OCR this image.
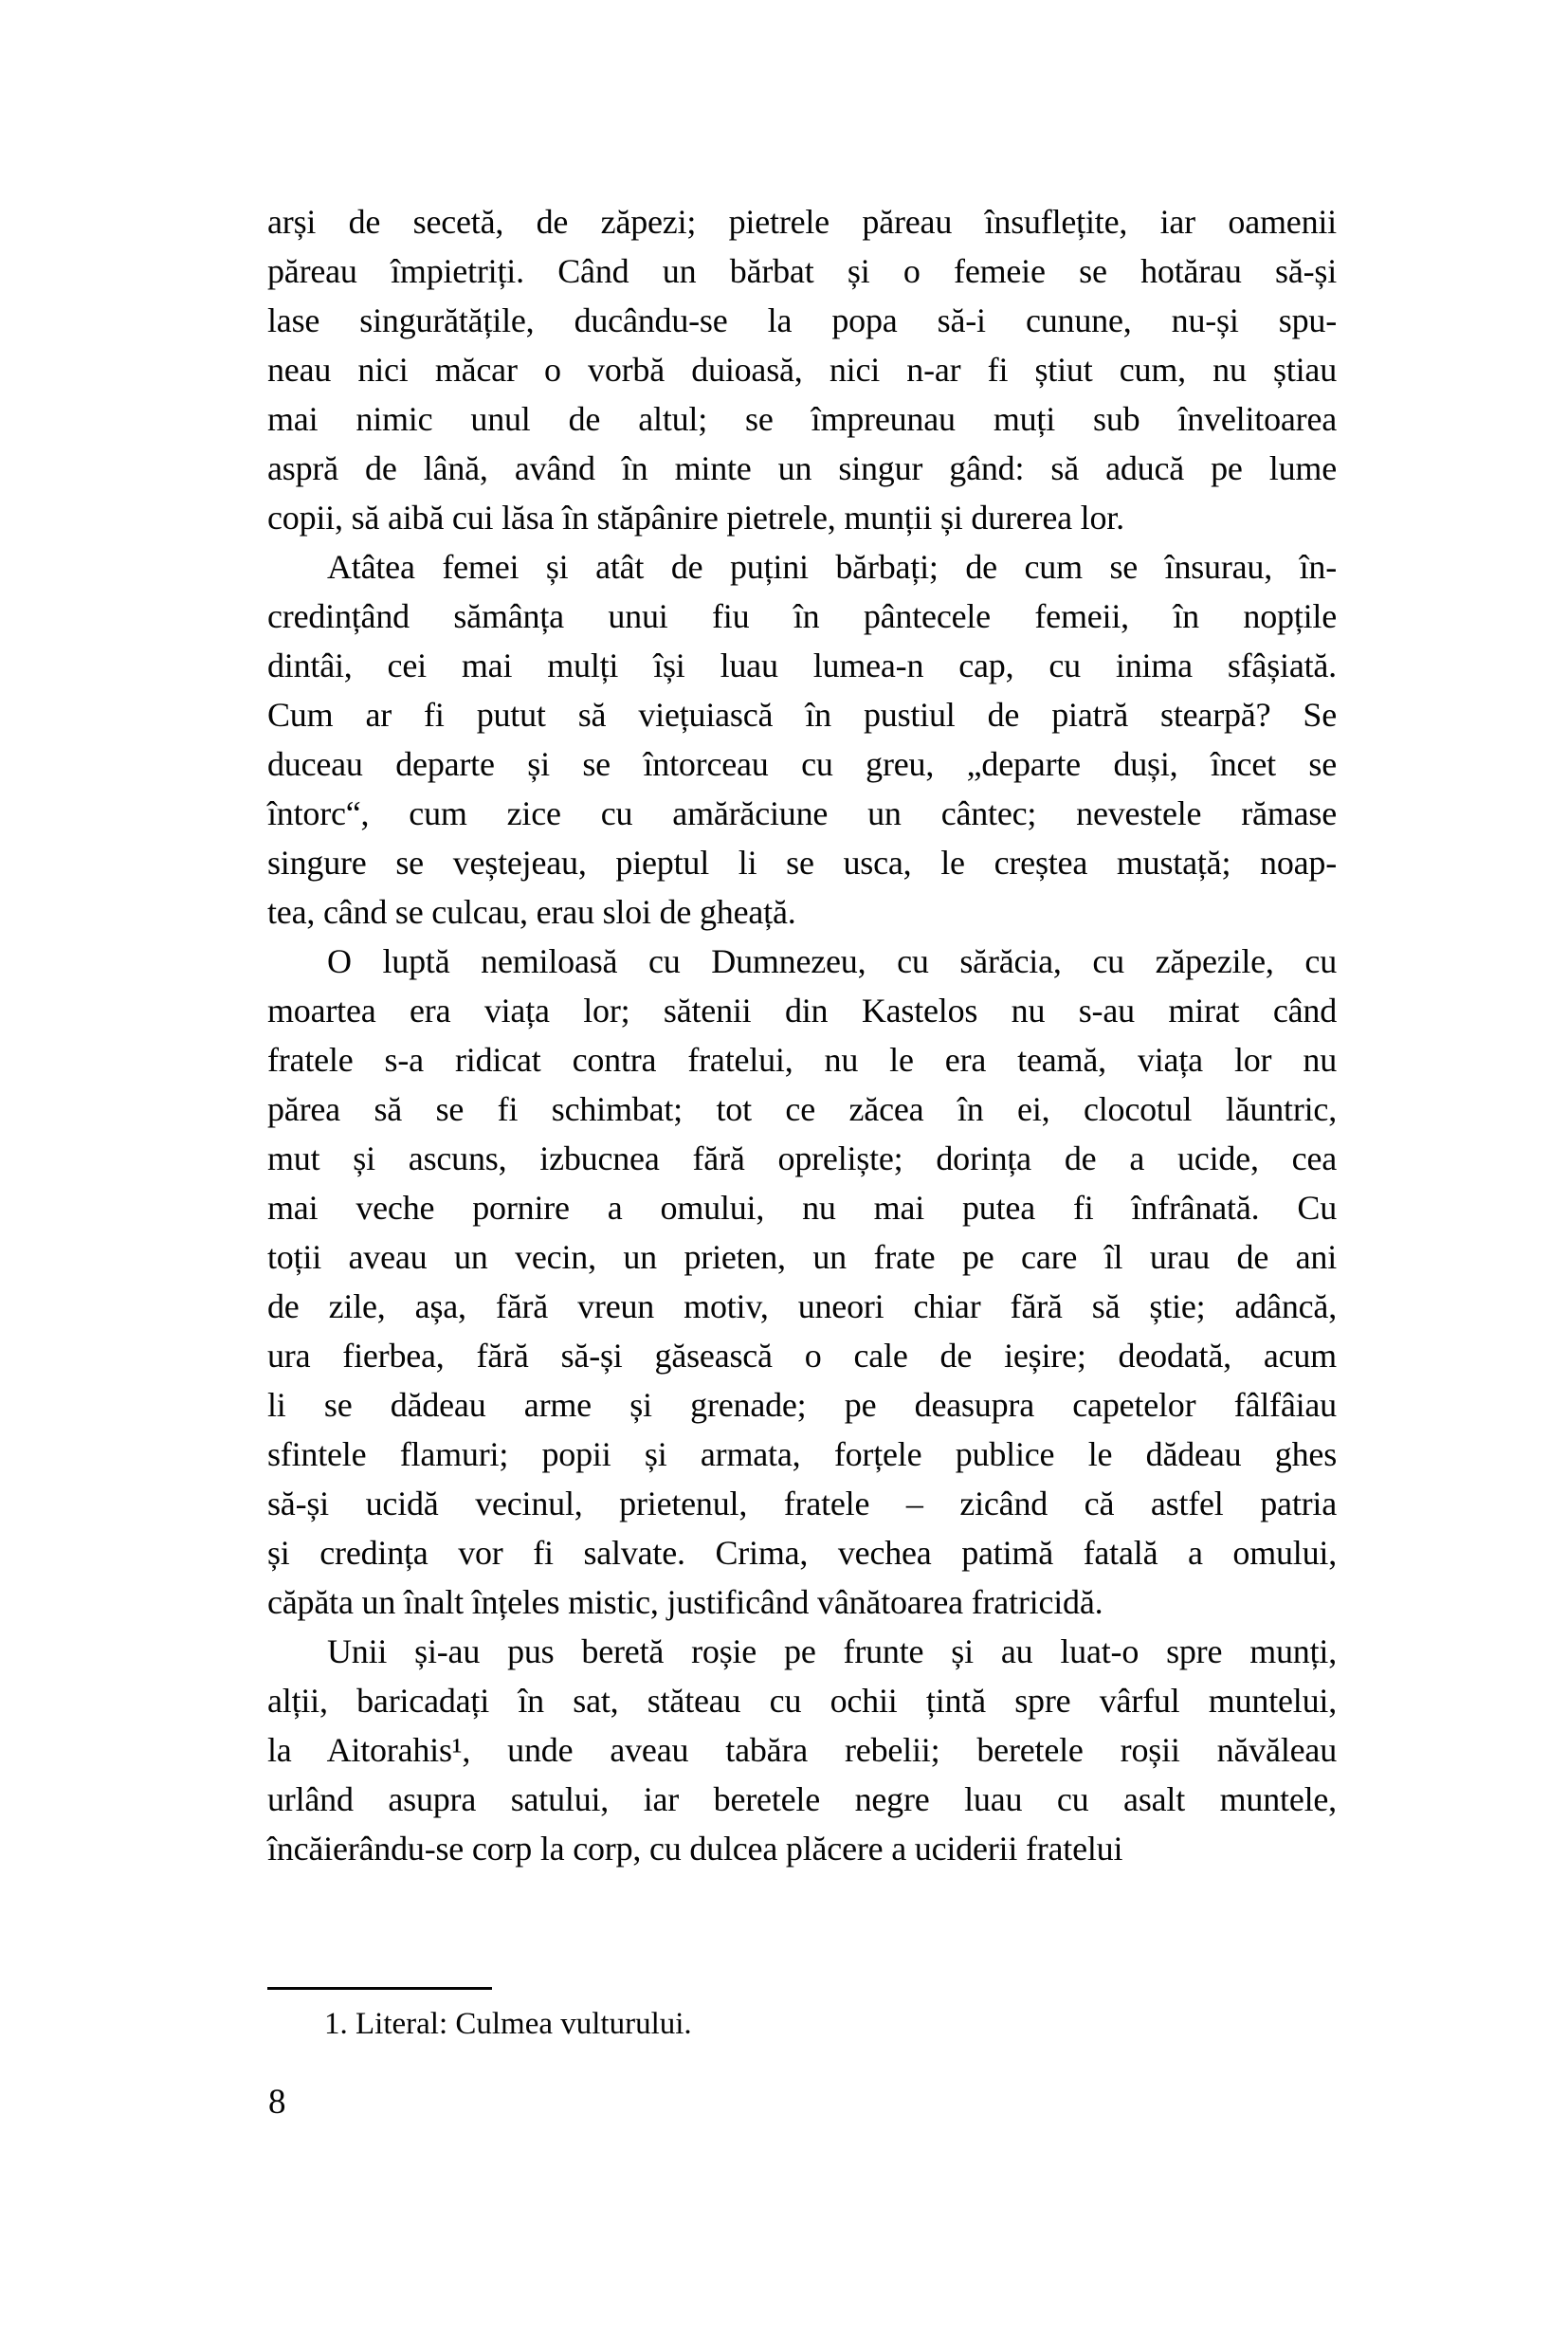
arși de secetă, de zăpezi; pietrele păreau însuflețite, iar oamenii
păreau împietriți. Când un bărbat și o femeie se hotărau să-și
lase singurătățile, ducându-se la popa să-i cunune, nu-și spu-
neau nici măcar o vorbă duioasă, nici n-ar fi știut cum, nu știau
mai nimic unul de altul; se împreunau muți sub învelitoarea
aspră de lână, având în minte un singur gând: să aducă pe lume
copii, să aibă cui lăsa în stăpânire pietrele, munții și durerea lor.
Atâtea femei și atât de puțini bărbați; de cum se însurau, în-
credințând sămânța unui fiu în pântecele femeii, în nopțile
dintâi, cei mai mulți își luau lumea-n cap, cu inima sfâșiată.
Cum ar fi putut să viețuiască în pustiul de piatră stearpă? Se
duceau departe și se întorceau cu greu, „departe duși, încet se
întorc“, cum zice cu amărăciune un cântec; nevestele rămase
singure se veștejeau, pieptul li se usca, le creștea mustață; noap-
tea, când se culcau, erau sloi de gheață.
O luptă nemiloasă cu Dumnezeu, cu sărăcia, cu zăpezile, cu
moartea era viața lor; sătenii din Kastelos nu s-au mirat când
fratele s-a ridicat contra fratelui, nu le era teamă, viața lor nu
părea să se fi schimbat; tot ce zăcea în ei, clocotul lăuntric,
mut și ascuns, izbucnea fără opreliște; dorința de a ucide, cea
mai veche pornire a omului, nu mai putea fi înfrânată. Cu
toții aveau un vecin, un prieten, un frate pe care îl urau de ani
de zile, așa, fără vreun motiv, uneori chiar fără să știe; adâncă,
ura fierbea, fără să-și găsească o cale de ieșire; deodată, acum
li se dădeau arme și grenade; pe deasupra capetelor fâlfâiau
sfintele flamuri; popii și armata, forțele publice le dădeau ghes
să-și ucidă vecinul, prietenul, fratele – zicând că astfel patria
și credința vor fi salvate. Crima, vechea patimă fatală a omului,
căpăta un înalt înțeles mistic, justificând vânătoarea fratricidă.
Unii și-au pus beretă roșie pe frunte și au luat-o spre munți,
alții, baricadați în sat, stăteau cu ochii țintă spre vârful muntelui,
la Aitorahis¹, unde aveau tabăra rebelii; beretele roșii năvăleau
urlând asupra satului, iar beretele negre luau cu asalt muntele,
încăierându-se corp la corp, cu dulcea plăcere a uciderii fratelui
1. Literal: Culmea vulturului.
8
